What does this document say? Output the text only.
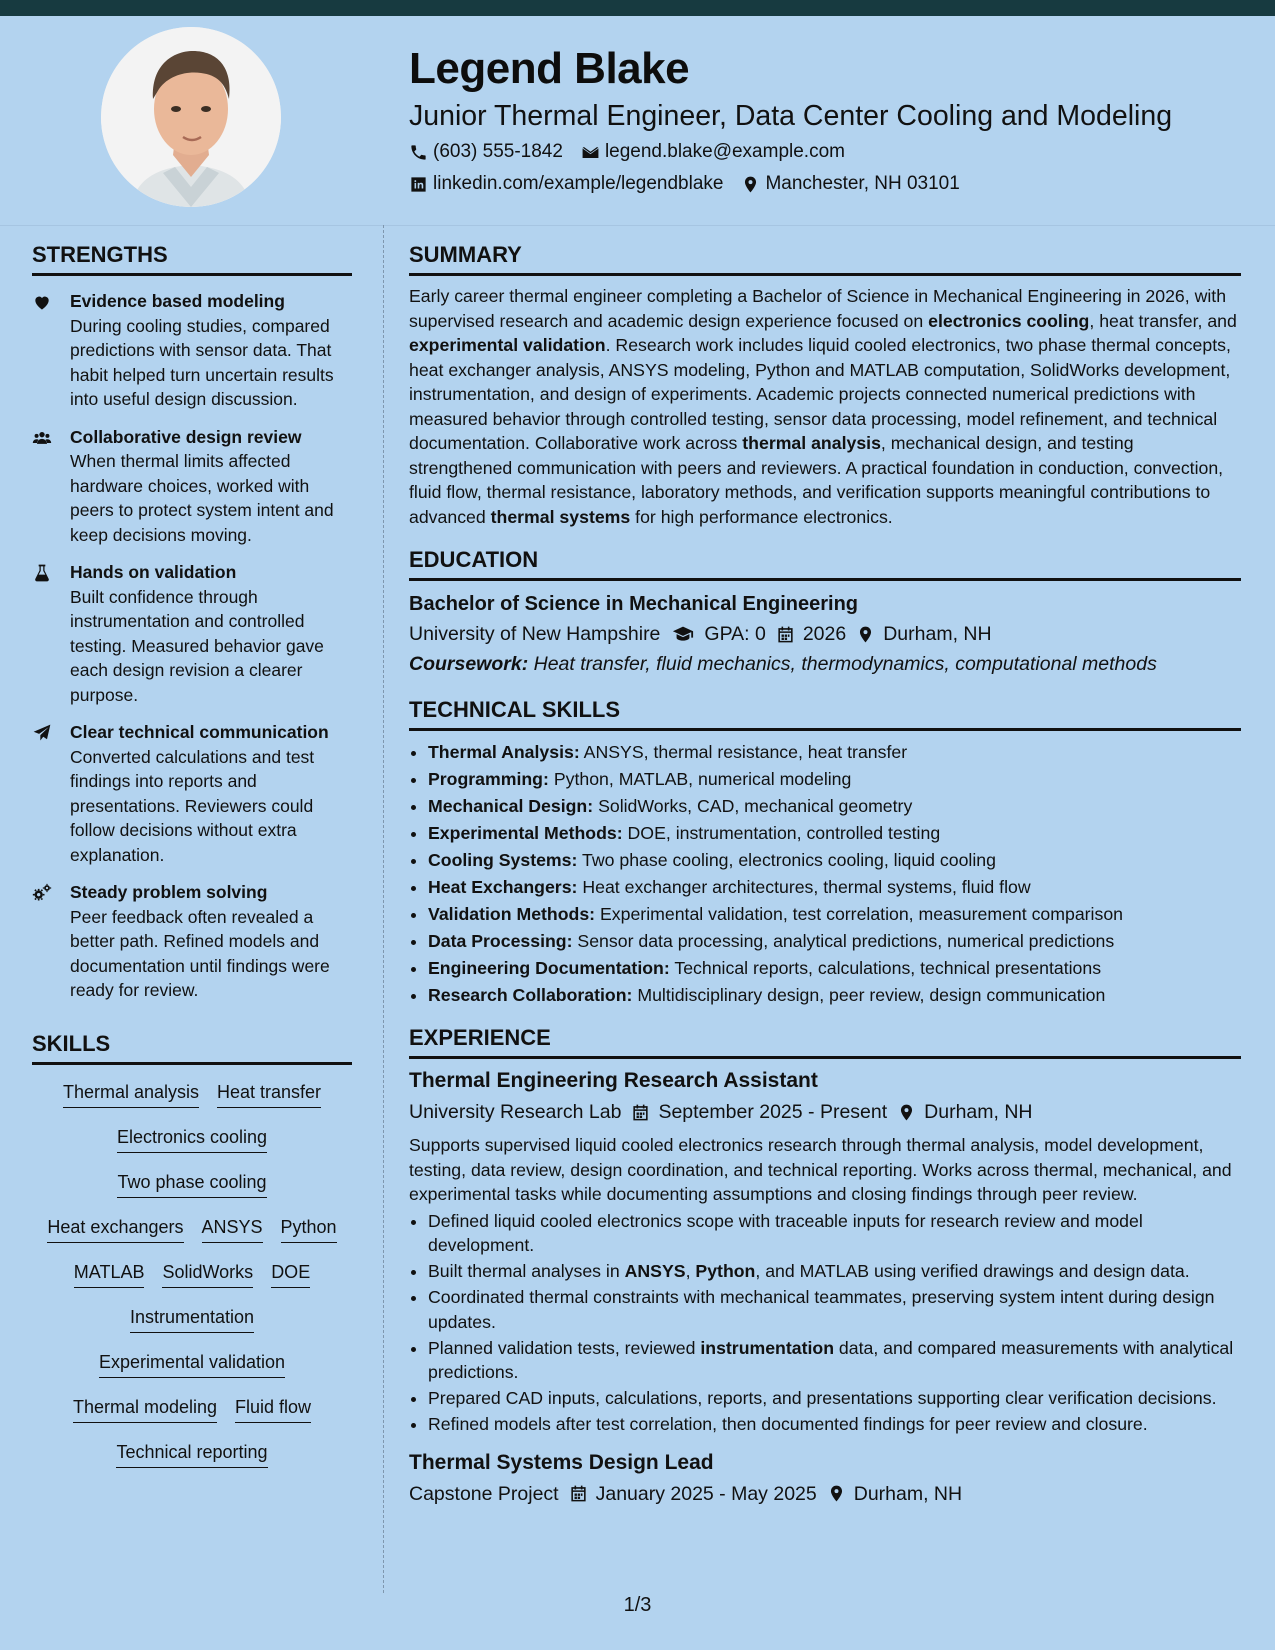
Legend Blake
Junior Thermal Engineer, Data Center Cooling and Modeling
(603) 555-1842 legend.blake@example.com
linkedin.com/example/legendblake Manchester, NH 03101
STRENGTHS
Evidence based modeling
During cooling studies, compared predictions with sensor data. That habit helped turn uncertain results into useful design discussion.
Collaborative design review
When thermal limits affected hardware choices, worked with peers to protect system intent and keep decisions moving.
Hands on validation
Built confidence through instrumentation and controlled testing. Measured behavior gave each design revision a clearer purpose.
Clear technical communication
Converted calculations and test findings into reports and presentations. Reviewers could follow decisions without extra explanation.
Steady problem solving
Peer feedback often revealed a better path. Refined models and documentation until findings were ready for review.
SKILLS
Thermal analysis Heat transfer
Electronics cooling
Two phase cooling
Heat exchangers ANSYS Python
MATLAB SolidWorks DOE
Instrumentation
Experimental validation
Thermal modeling Fluid flow
Technical reporting
SUMMARY

Early career thermal engineer completing a Bachelor of Science in Mechanical Engineering in 2026, with supervised research and academic design experience focused on electronics cooling, heat transfer, and experimental validation. Research work includes liquid cooled electronics, two phase thermal concepts, heat exchanger analysis, ANSYS modeling, Python and MATLAB computation, SolidWorks development, instrumentation, and design of experiments. Academic projects connected numerical predictions with measured behavior through controlled testing, sensor data processing, model refinement, and technical documentation. Collaborative work across thermal analysis, mechanical design, and testing strengthened communication with peers and reviewers. A practical foundation in conduction, convection, fluid flow, thermal resistance, laboratory methods, and verification supports meaningful contributions to advanced thermal systems for high performance electronics.

EDUCATION
Bachelor of Science in Mechanical Engineering
University of New Hampshire GPA: 0 2026 Durham, NH
Coursework: Heat transfer, fluid mechanics, thermodynamics, computational methods
TECHNICAL SKILLS
• Thermal Analysis: ANSYS, thermal resistance, heat transfer
• Programming: Python, MATLAB, numerical modeling
• Mechanical Design: SolidWorks, CAD, mechanical geometry
• Experimental Methods: DOE, instrumentation, controlled testing
• Cooling Systems: Two phase cooling, electronics cooling, liquid cooling
• Heat Exchangers: Heat exchanger architectures, thermal systems, fluid flow
• Validation Methods: Experimental validation, test correlation, measurement comparison
• Data Processing: Sensor data processing, analytical predictions, numerical predictions
• Engineering Documentation: Technical reports, calculations, technical presentations
• Research Collaboration: Multidisciplinary design, peer review, design communication
EXPERIENCE
Thermal Engineering Research Assistant
University Research Lab September 2025 - Present Durham, NH
Supports supervised liquid cooled electronics research through thermal analysis, model development, testing, data review, design coordination, and technical reporting. Works across thermal, mechanical, and experimental tasks while documenting assumptions and closing findings through peer review.
• Defined liquid cooled electronics scope with traceable inputs for research review and model development.
• Built thermal analyses in ANSYS, Python, and MATLAB using verified drawings and design data.
• Coordinated thermal constraints with mechanical teammates, preserving system intent during design updates.
• Planned validation tests, reviewed instrumentation data, and compared measurements with analytical predictions.
• Prepared CAD inputs, calculations, reports, and presentations supporting clear verification decisions.
• Refined models after test correlation, then documented findings for peer review and closure.
Thermal Systems Design Lead
Capstone Project January 2025 - May 2025 Durham, NH
1/3
